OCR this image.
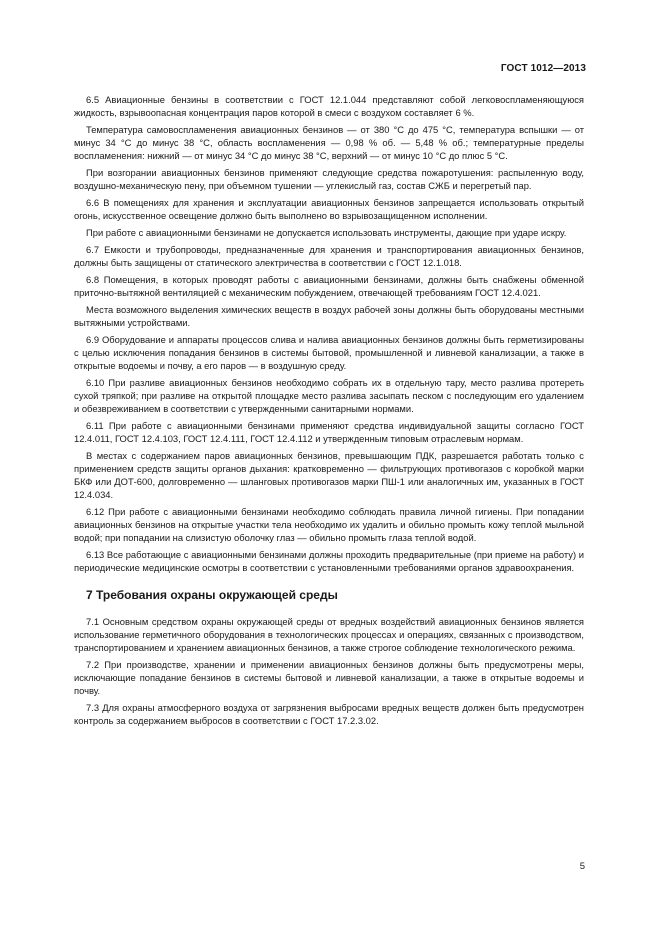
ГОСТ 1012—2013

6.5 Авиационные бензины в соответствии с ГОСТ 12.1.044 представляют собой легковоспламеняющуюся жидкость, взрывоопасная концентрация паров которой в смеси с воздухом составляет 6 %.

Температура самовоспламенения авиационных бензинов — от 380 °С до 475 °С, температура вспышки — от минус 34 °С до минус 38 °С, область воспламенения — 0,98 % об. — 5,48 % об.; температурные пределы воспламенения: нижний — от минус 34 °С до минус 38 °С, верхний — от минус 10 °С до плюс 5 °С.

При возгорании авиационных бензинов применяют следующие средства пожаротушения: распыленную воду, воздушно-механическую пену, при объемном тушении — углекислый газ, состав СЖБ и перегретый пар.

6.6 В помещениях для хранения и эксплуатации авиационных бензинов запрещается использовать открытый огонь, искусственное освещение должно быть выполнено во взрывозащищенном исполнении.

При работе с авиационными бензинами не допускается использовать инструменты, дающие при ударе искру.

6.7 Емкости и трубопроводы, предназначенные для хранения и транспортирования авиационных бензинов, должны быть защищены от статического электричества в соответствии с ГОСТ 12.1.018.

6.8 Помещения, в которых проводят работы с авиационными бензинами, должны быть снабжены обменной приточно-вытяжной вентиляцией с механическим побуждением, отвечающей требованиям ГОСТ 12.4.021.

Места возможного выделения химических веществ в воздух рабочей зоны должны быть оборудованы местными вытяжными устройствами.

6.9 Оборудование и аппараты процессов слива и налива авиационных бензинов должны быть герметизированы с целью исключения попадания бензинов в системы бытовой, промышленной и ливневой канализации, а также в открытые водоемы и почву, а его паров — в воздушную среду.

6.10 При разливе авиационных бензинов необходимо собрать их в отдельную тару, место разлива протереть сухой тряпкой; при разливе на открытой площадке место разлива засыпать песком с последующим его удалением и обезвреживанием в соответствии с утвержденными санитарными нормами.

6.11 При работе с авиационными бензинами применяют средства индивидуальной защиты согласно ГОСТ 12.4.011, ГОСТ 12.4.103, ГОСТ 12.4.111, ГОСТ 12.4.112 и утвержденным типовым отраслевым нормам.

В местах с содержанием паров авиационных бензинов, превышающим ПДК, разрешается работать только с применением средств защиты органов дыхания: кратковременно — фильтрующих противогазов с коробкой марки БКФ или ДОТ-600, долговременно — шланговых противогазов марки ПШ-1 или аналогичных им, указанных в ГОСТ 12.4.034.

6.12 При работе с авиационными бензинами необходимо соблюдать правила личной гигиены. При попадании авиационных бензинов на открытые участки тела необходимо их удалить и обильно промыть кожу теплой мыльной водой; при попадании на слизистую оболочку глаз — обильно промыть глаза теплой водой.

6.13 Все работающие с авиационными бензинами должны проходить предварительные (при приеме на работу) и периодические медицинские осмотры в соответствии с установленными требованиями органов здравоохранения.

7 Требования охраны окружающей среды

7.1 Основным средством охраны окружающей среды от вредных воздействий авиационных бензинов является использование герметичного оборудования в технологических процессах и операциях, связанных с производством, транспортированием и хранением авиационных бензинов, а также строгое соблюдение технологического режима.

7.2 При производстве, хранении и применении авиационных бензинов должны быть предусмотрены меры, исключающие попадание бензинов в системы бытовой и ливневой канализации, а также в открытые водоемы и почву.

7.3 Для охраны атмосферного воздуха от загрязнения выбросами вредных веществ должен быть предусмотрен контроль за содержанием выбросов в соответствии с ГОСТ 17.2.3.02.

5
